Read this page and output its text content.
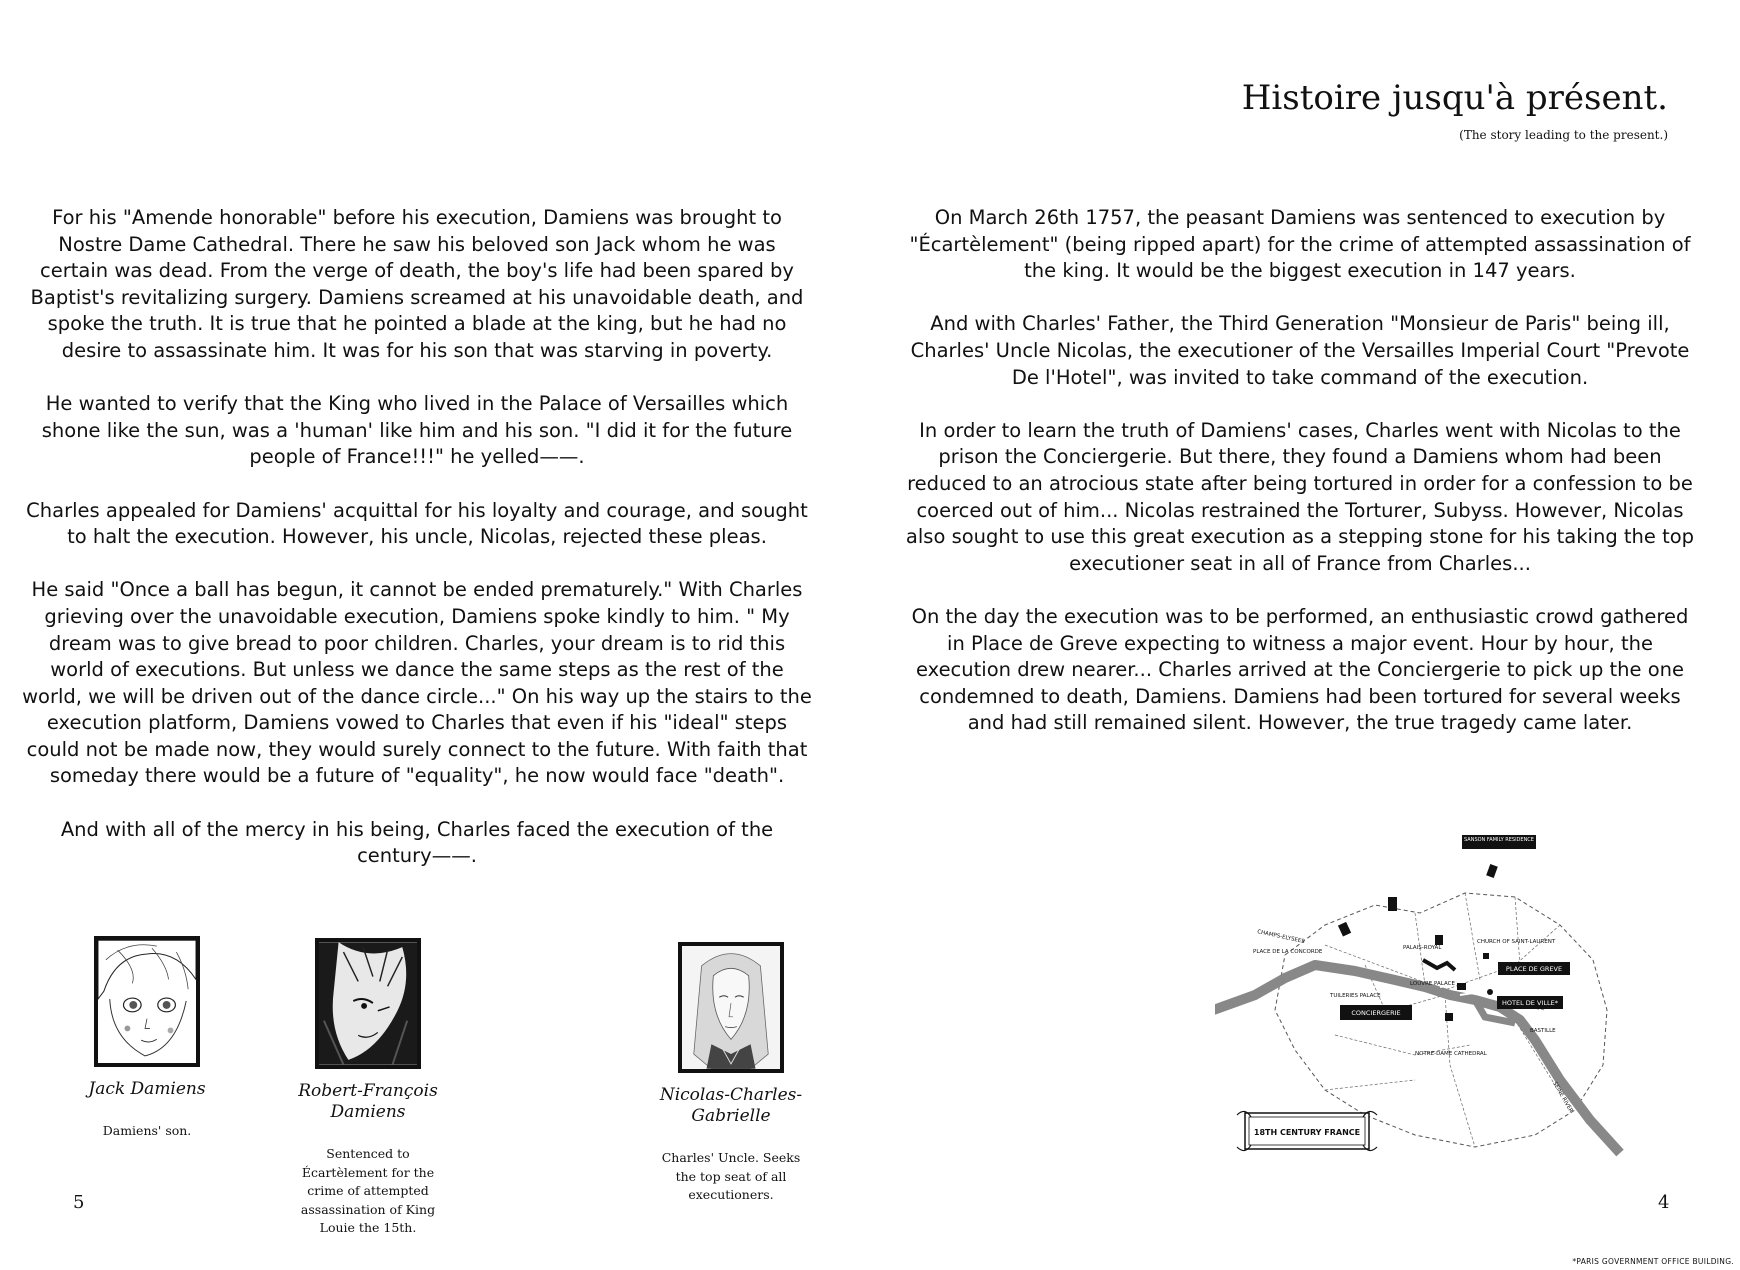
For his "Amende honorable" before his execution, Damiens was brought to Nostre Dame Cathedral. There he saw his beloved son Jack whom he was certain was dead. From the verge of death, the boy's life had been spared by Baptist's revitalizing surgery. Damiens screamed at his unavoidable death, and spoke the truth. It is true that he pointed a blade at the king, but he had no desire to assassinate him. It was for his son that was starving in poverty.

He wanted to verify that the King who lived in the Palace of Versailles which shone like the sun, was a 'human' like him and his son. "I did it for the future people of France!!!" he yelled——.

Charles appealed for Damiens' acquittal for his loyalty and courage, and sought to halt the execution. However, his uncle, Nicolas, rejected these pleas.

He said "Once a ball has begun, it cannot be ended prematurely." With Charles grieving over the unavoidable execution, Damiens spoke kindly to him. " My dream was to give bread to poor children. Charles, your dream is to rid this world of executions. But unless we dance the same steps as the rest of the world, we will be driven out of the dance circle..." On his way up the stairs to the execution platform, Damiens vowed to Charles that even if his "ideal" steps could not be made now, they would surely connect to the future. With faith that someday there would be a future of "equality", he now would face "death".

And with all of the mercy in his being, Charles faced the execution of the century——.

Jack Damiens
Damiens' son.
Robert-François Damiens
Sentenced to Écartèlement for the crime of attempted assassination of King Louie the 15th.
Nicolas-Charles-Gabrielle
Charles' Uncle. Seeks the top seat of all executioners.
5
Histoire jusqu'à présent.
(The story leading to the present.)

On March 26th 1757, the peasant Damiens was sentenced to execution by "Écartèlement" (being ripped apart) for the crime of attempted assassination of the king. It would be the biggest execution in 147 years.

And with Charles' Father, the Third Generation "Monsieur de Paris" being ill, Charles' Uncle Nicolas, the executioner of the Versailles Imperial Court "Prevote De l'Hotel", was invited to take command of the execution.

In order to learn the truth of Damiens' cases, Charles went with Nicolas to the prison the Conciergerie. But there, they found a Damiens whom had been reduced to an atrocious state after being tortured in order for a confession to be coerced out of him... Nicolas restrained the Torturer, Subyss. However, Nicolas also sought to use this great execution as a stepping stone for his taking the top executioner seat in all of France from Charles...

On the day the execution was to be performed, an enthusiastic crowd gathered in Place de Greve expecting to witness a major event. Hour by hour, the execution drew nearer... Charles arrived at the Conciergerie to pick up the one condemned to death, Damiens. Damiens had been tortured for several weeks and had still remained silent. However, the true tragedy came later.

SANSON FAMILY RESIDENCE
PLACE DE GREVE
HOTEL DE VILLE*
CONCIERGERIE
CHURCH OF SAINT-LAURENT
CHAMPS-ELYSEES
PLACE DE LA CONCORDE
PALAIS-ROYAL
LOUVRE PALACE
TUILERIES PALACE
BASTILLE
NOTRE-DAME CATHEDRAL
SEINE RIVER
18TH CENTURY FRANCE
4
*PARIS GOVERNMENT OFFICE BUILDING.
